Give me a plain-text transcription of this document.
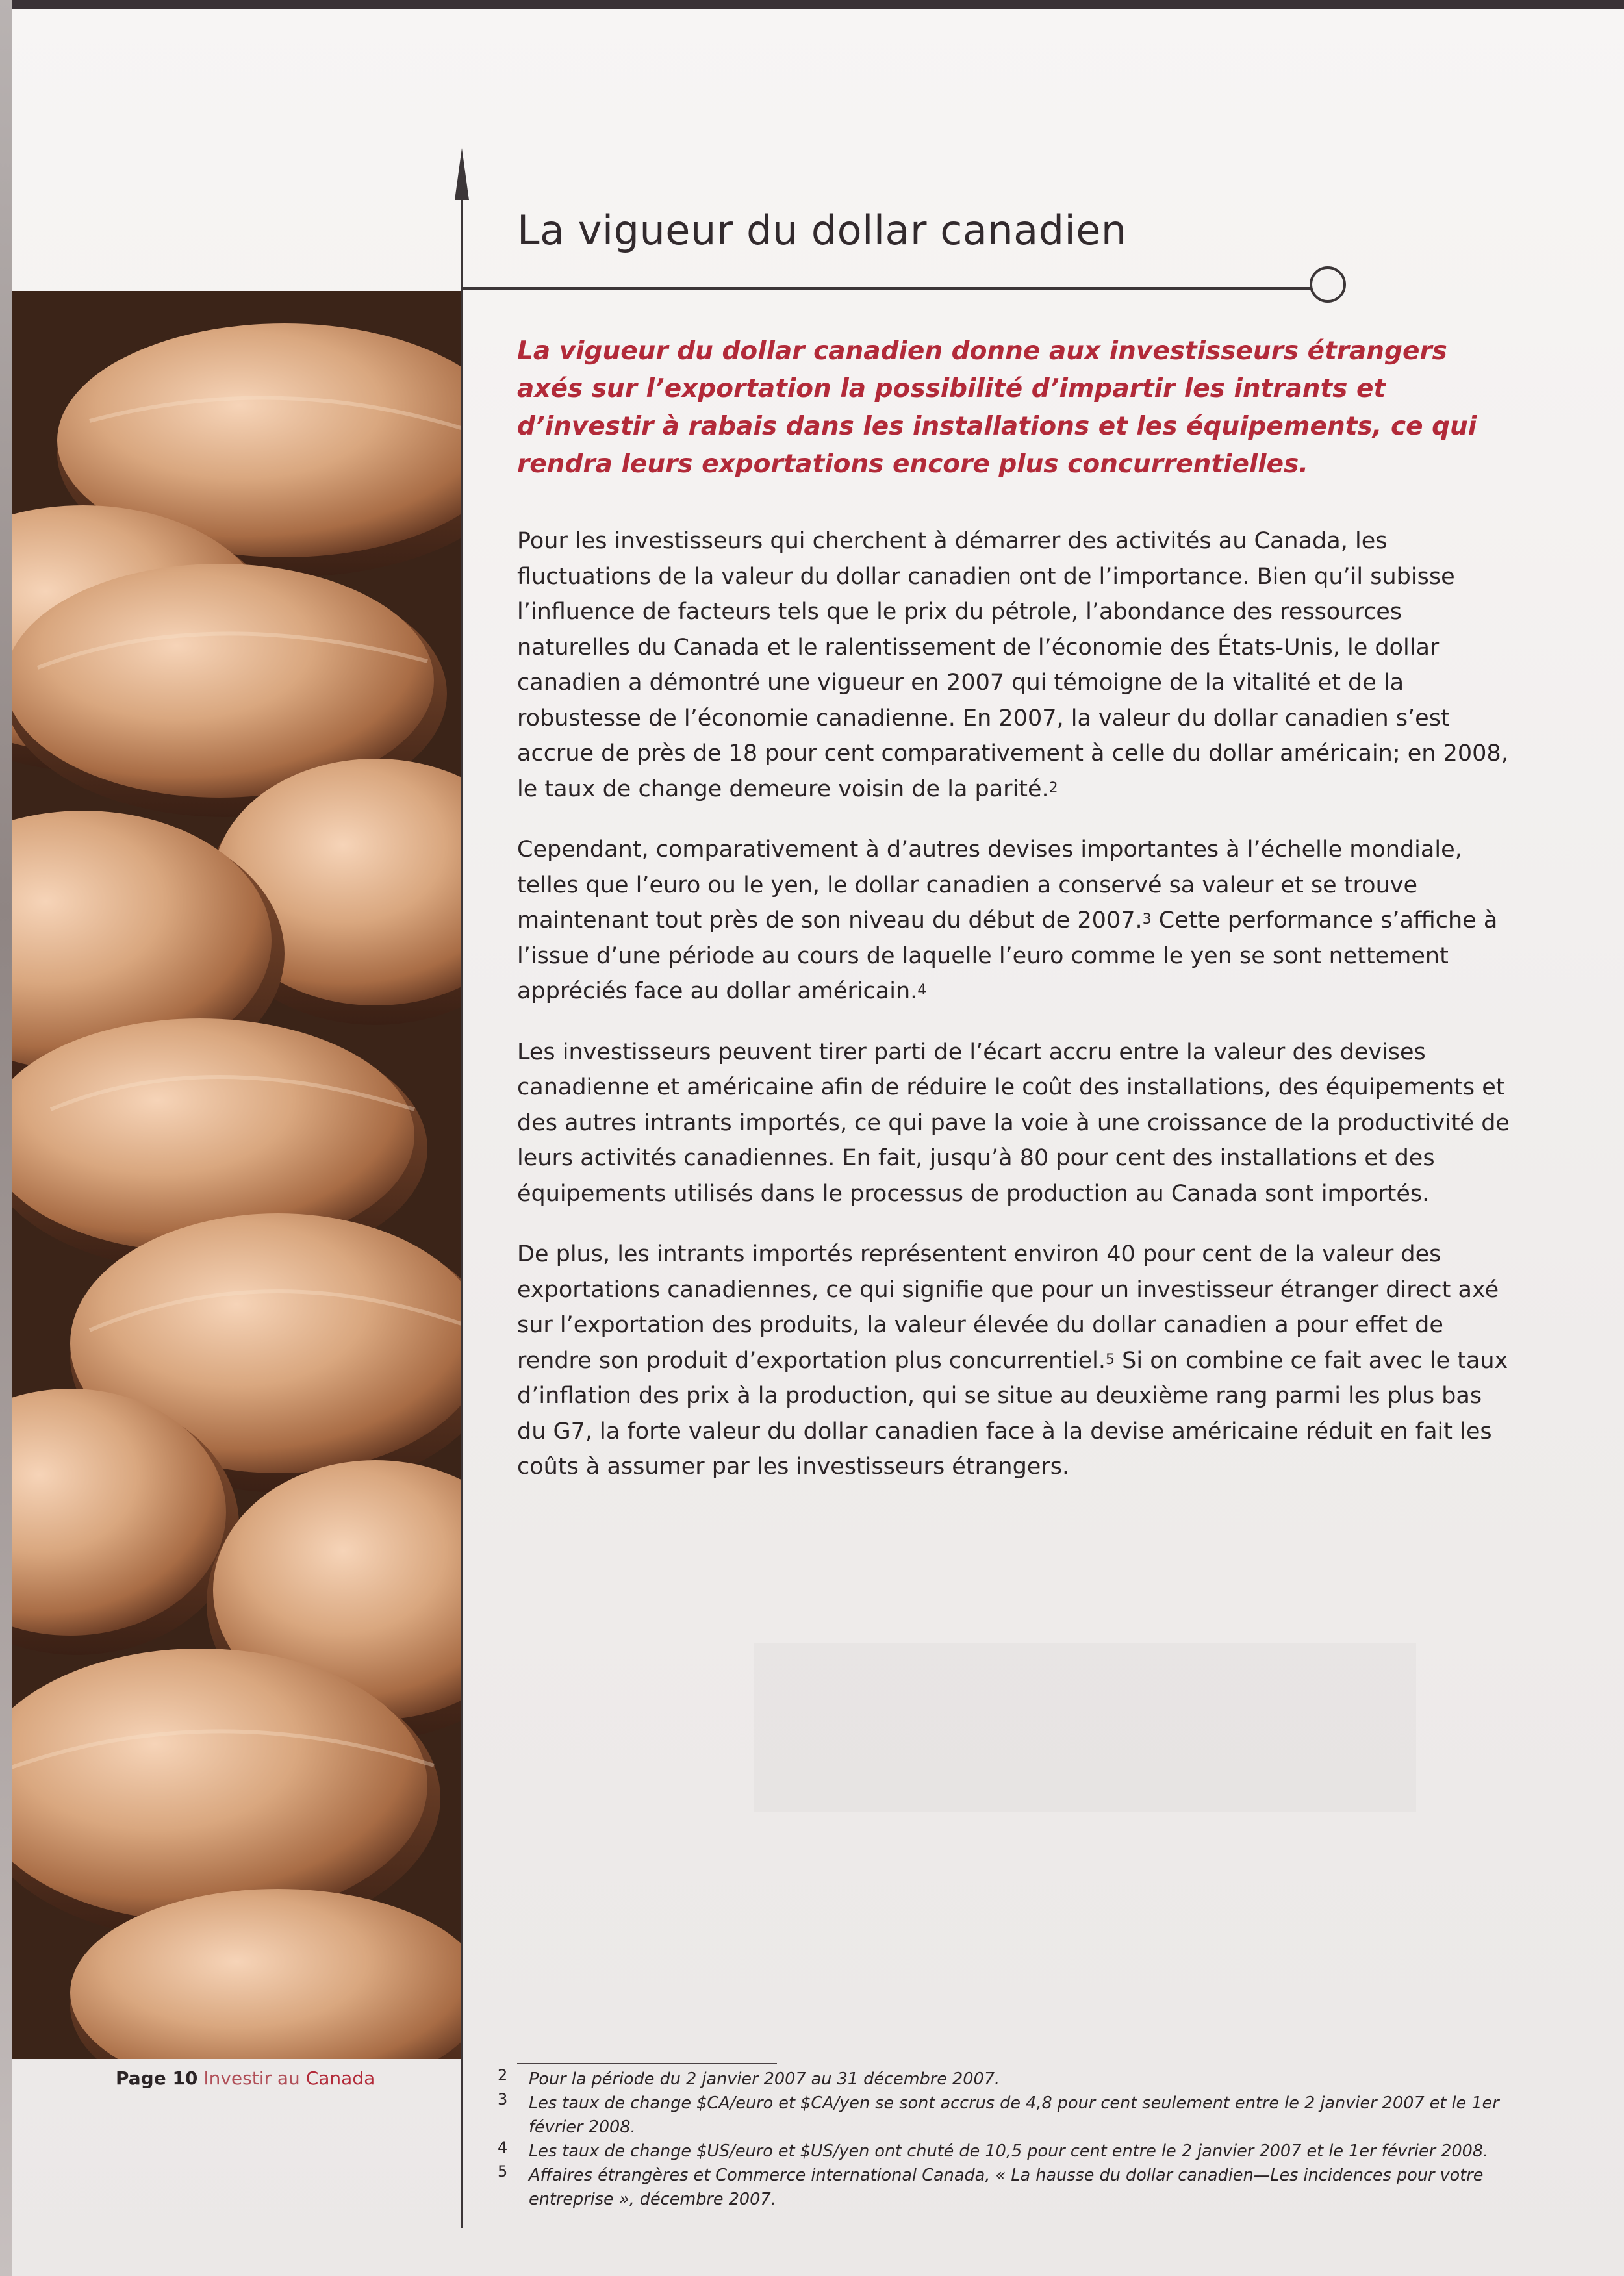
La vigueur du dollar canadien

La vigueur du dollar canadien donne aux investisseurs étrangers axés sur l’exportation la possibilité d’impartir les intrants et d’investir à rabais dans les installations et les équipements, ce qui rendra leurs exportations encore plus concurrentielles.

Pour les investisseurs qui cherchent à démarrer des activités au Canada, les fluctuations de la valeur du dollar canadien ont de l’importance. Bien qu’il subisse l’influence de facteurs tels que le prix du pétrole, l’abondance des ressources naturelles du Canada et le ralentissement de l’économie des États-Unis, le dollar canadien a démontré une vigueur en 2007 qui témoigne de la vitalité et de la robustesse de l’économie canadienne. En 2007, la valeur du dollar canadien s’est accrue de près de 18 pour cent comparativement à celle du dollar américain; en 2008, le taux de change demeure voisin de la parité.$^2$

Cependant, comparativement à d’autres devises importantes à l’échelle mondiale, telles que l’euro ou le yen, le dollar canadien a conservé sa valeur et se trouve maintenant tout près de son niveau du début de 2007.$^3$ Cette performance s’affiche à l’issue d’une période au cours de laquelle l’euro comme le yen se sont nettement appréciés face au dollar américain.$^4$

Les investisseurs peuvent tirer parti de l’écart accru entre la valeur des devises canadienne et américaine afin de réduire le coût des installations, des équipements et des autres intrants importés, ce qui pave la voie à une croissance de la productivité de leurs activités canadiennes. En fait, jusqu’à 80 pour cent des installations et des équipements utilisés dans le processus de production au Canada sont importés.

De plus, les intrants importés représentent environ 40 pour cent de la valeur des exportations canadiennes, ce qui signifie que pour un investisseur étranger direct axé sur l’exportation des produits, la valeur élevée du dollar canadien a pour effet de rendre son produit d’exportation plus concurrentiel.$^5$ Si on combine ce fait avec le taux d’inflation des prix à la production, qui se situe au deuxième rang parmi les plus bas du G7, la forte valeur du dollar canadien face à la devise américaine réduit en fait les coûts à assumer par les investisseurs étrangers.

Page 10 Investir au Canada	2 Pour la période du 2 janvier 2007 au 31 décembre 2007.
3 Les taux de change $CA/euro et $CA/yen se sont accrus de 4,8 pour cent seulement entre le 2 janvier 2007 et le 1er février 2008.
4 Les taux de change $US/euro et $US/yen ont chuté de 10,5 pour cent entre le 2 janvier 2007 et le 1er février 2008.
5 Affaires étrangères et Commerce international Canada, « La hausse du dollar canadien—Les incidences pour votre entreprise », décembre 2007.
